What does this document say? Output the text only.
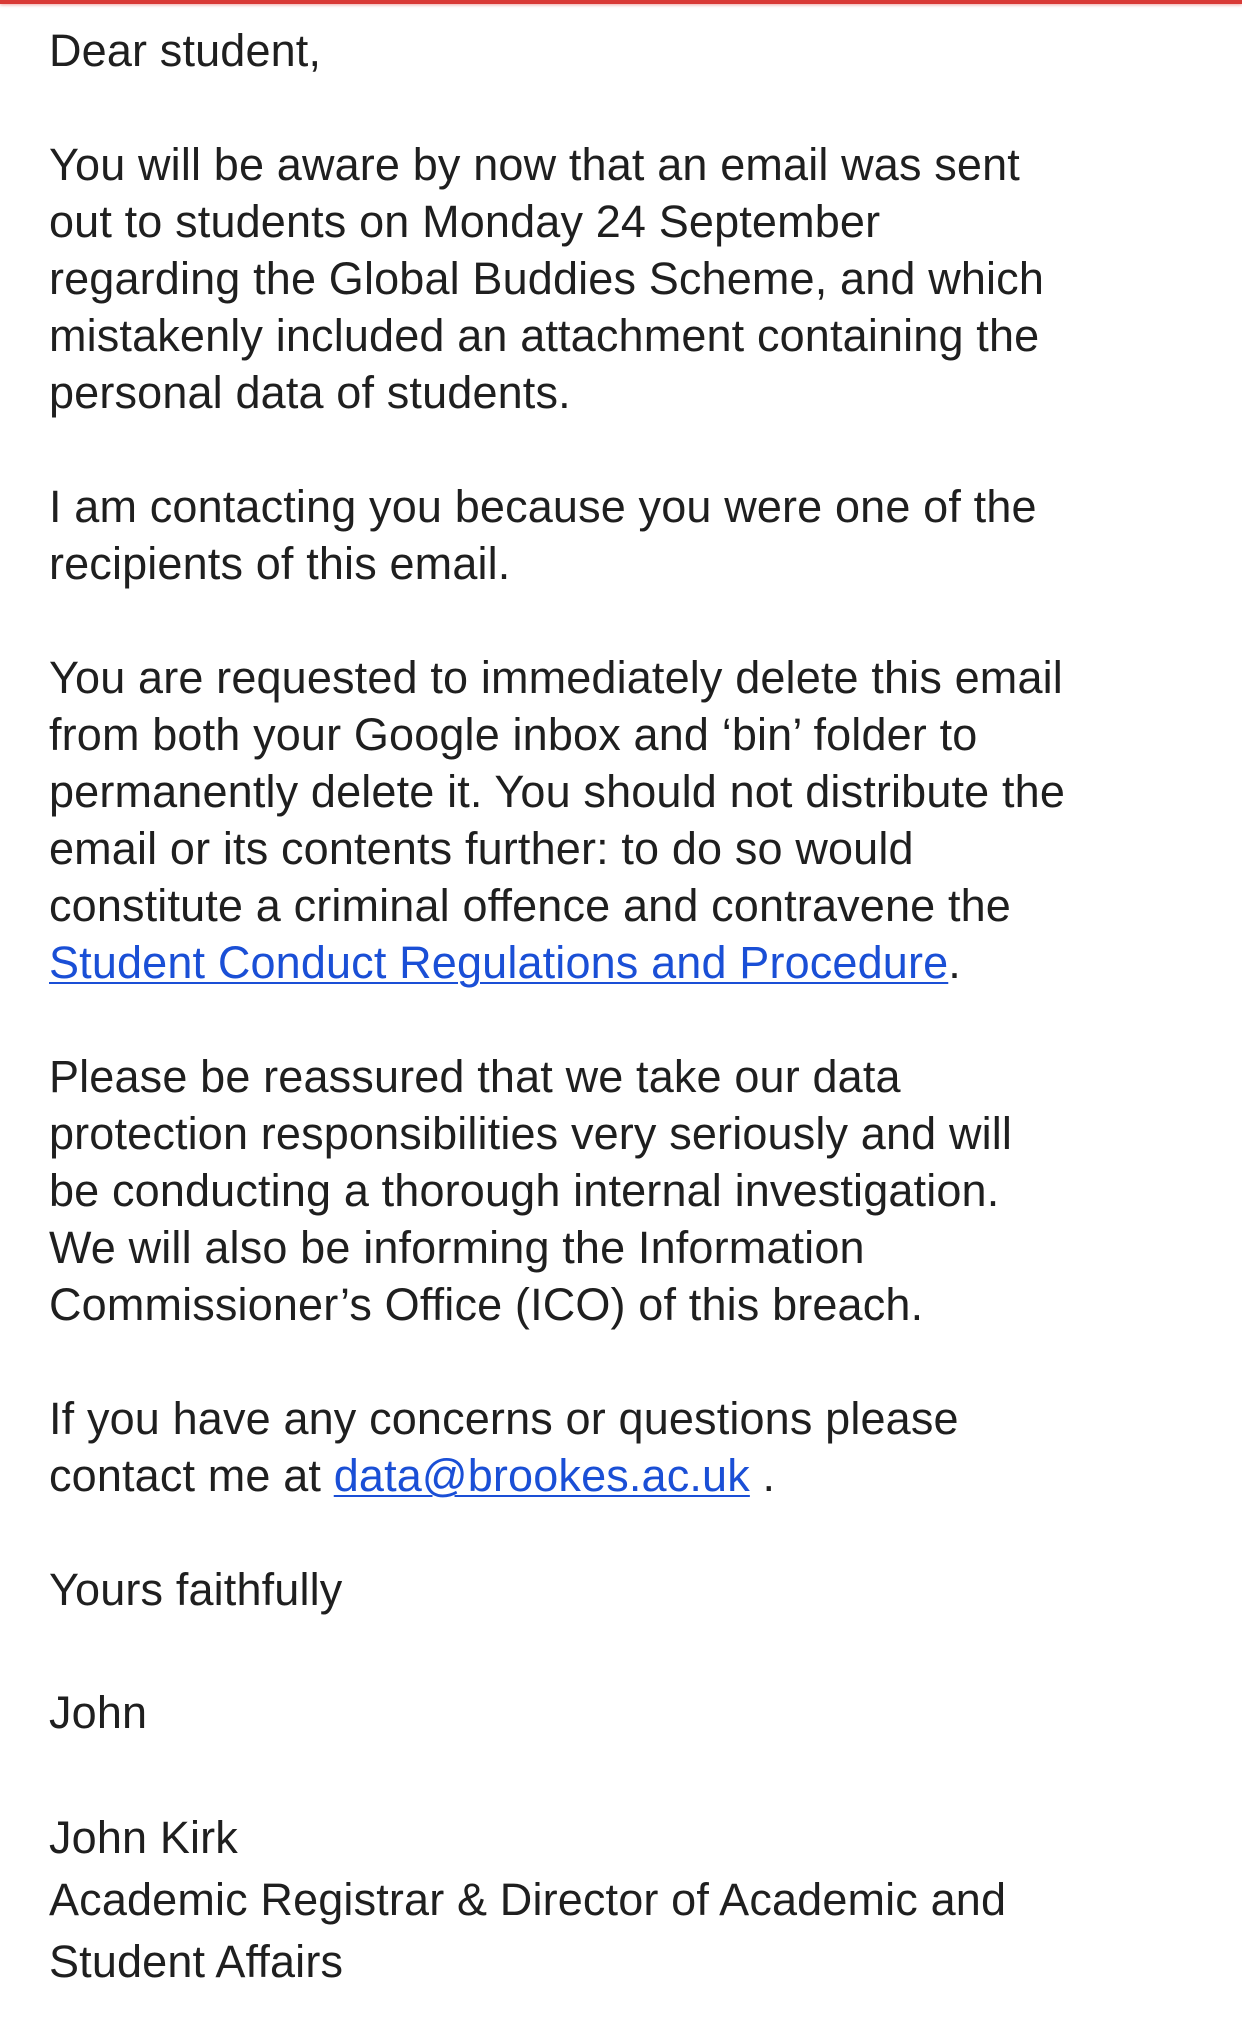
Dear student,

You will be aware by now that an email was sent
out to students on Monday 24 September
regarding the Global Buddies Scheme, and which
mistakenly included an attachment containing the
personal data of students.

I am contacting you because you were one of the
recipients of this email.

You are requested to immediately delete this email
from both your Google inbox and ‘bin’ folder to
permanently delete it. You should not distribute the
email or its contents further: to do so would
constitute a criminal offence and contravene the
Student Conduct Regulations and Procedure.

Please be reassured that we take our data
protection responsibilities very seriously and will
be conducting a thorough internal investigation.
We will also be informing the Information
Commissioner’s Office (ICO) of this breach.

If you have any concerns or questions please
contact me at data@brookes.ac.uk .

Yours faithfully

John

John Kirk
Academic Registrar & Director of Academic and
Student Affairs
